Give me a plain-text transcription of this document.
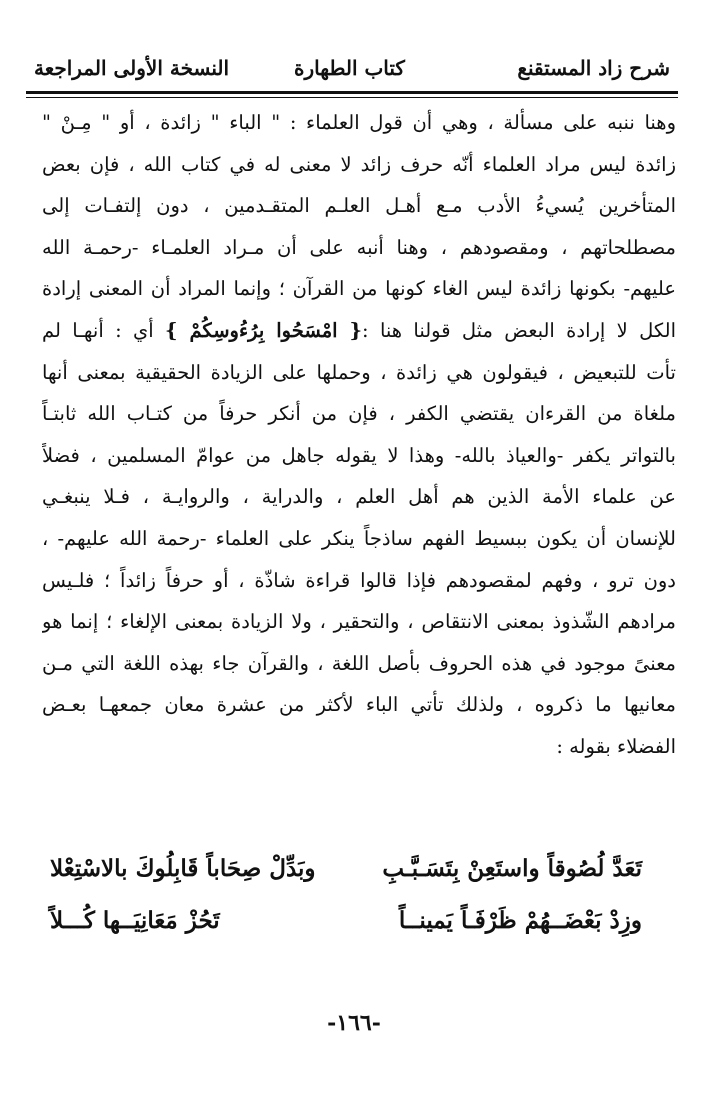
شرح زاد المستقنع
كتاب الطهارة
النسخة الأولى المراجعة

وهنا ننبه على مسألة ، وهي أن قول العلماء : " الباء " زائدة ، أو " مِـنْ "

زائدة ليس مراد العلماء أنّه حرف زائد لا معنى له في كتاب الله ، فإن بعض

المتأخرين يُسيءُ الأدب مـع أهـل العلـم المتقـدمين ، دون إلتفـات إلى

مصطلحاتهم ، ومقصودهم ، وهنا أنبه على أن مـراد العلمـاء -رحمـة الله

عليهم- بكونها زائدة ليس الغاء كونها من القرآن ؛ وإنما المراد أن المعنى إرادة

الكل لا إرادة البعض مثل قولنا هنا :{ امْسَحُوا بِرُءُوسِكُمْ } أي : أنهـا لم

تأت للتبعيض ، فيقولون هي زائدة ، وحملها على الزيادة الحقيقية بمعنى أنها

ملغاة من القرءان يقتضي الكفر ، فإن من أنكر حرفاً من كتـاب الله ثابتـاً

بالتواتر يكفر -والعياذ بالله- وهذا لا يقوله جاهل من عوامّ المسلمين ، فضلاً

عن علماء الأمة الذين هم أهل العلم ، والدراية ، والروايـة ، فـلا ينبغـي

للإنسان أن يكون ببسيط الفهم ساذجاً ينكر على العلماء -رحمة الله عليهم- ،

دون ترو ، وفهم لمقصودهم فإذا قالوا قراءة شاذّة ، أو حرفاً زائداً ؛ فلـيس

مرادهم الشّذوذ بمعنى الانتقاص ، والتحقير ، ولا الزيادة بمعنى الإلغاء ؛ إنما هو

معنىً موجود في هذه الحروف بأصل اللغة ، والقرآن جاء بهذه اللغة التي مـن

معانيها ما ذكروه ، ولذلك تأتي الباء لأكثر من عشرة معان جمعهـا بعـض

الفضلاء بقوله :

تَعَدَّ لُصُوقاً واستَعِنْ بِتَسَـبَّـبِ
وبَدِّلْ صِحَاباً قَابِلُوكَ بالاسْتِعْلا
وزِدْ بَعْضَــهُمْ ظَرْفَـاً يَمينــاً
تَحُزْ مَعَانِيَــها كُـــلاً
-١٦٦-
